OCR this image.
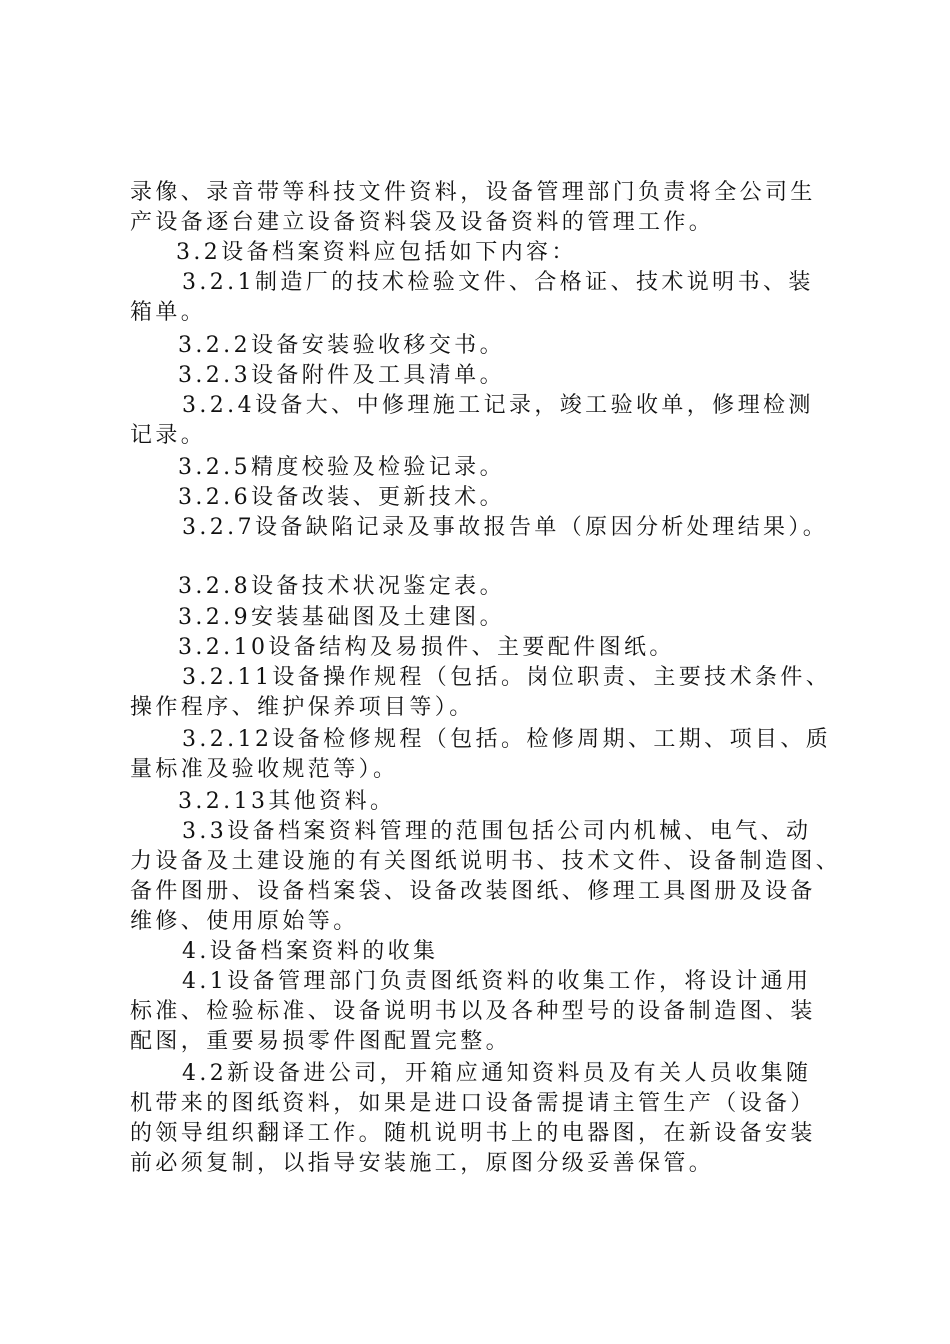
录像、录音带等科技文件资料，设备管理部门负责将全公司生

产设备逐台建立设备资料袋及设备资料的管理工作。

3.2设备档案资料应包括如下内容：

3.2.1制造厂的技术检验文件、合格证、技术说明书、装

箱单。

3.2.2设备安装验收移交书。

3.2.3设备附件及工具清单。

3.2.4设备大、中修理施工记录，竣工验收单，修理检测

记录。

3.2.5精度校验及检验记录。

3.2.6设备改装、更新技术。

3.2.7设备缺陷记录及事故报告单（原因分析处理结果）。

3.2.8设备技术状况鉴定表。

3.2.9安装基础图及土建图。

3.2.10设备结构及易损件、主要配件图纸。

3.2.11设备操作规程（包括。岗位职责、主要技术条件、

操作程序、维护保养项目等）。

3.2.12设备检修规程（包括。检修周期、工期、项目、质

量标准及验收规范等）。

3.2.13其他资料。

3.3设备档案资料管理的范围包括公司内机械、电气、动

力设备及土建设施的有关图纸说明书、技术文件、设备制造图、

备件图册、设备档案袋、设备改装图纸、修理工具图册及设备

维修、使用原始等。

4.设备档案资料的收集

4.1设备管理部门负责图纸资料的收集工作，将设计通用

标准、检验标准、设备说明书以及各种型号的设备制造图、装

配图，重要易损零件图配置完整。

4.2新设备进公司，开箱应通知资料员及有关人员收集随

机带来的图纸资料，如果是进口设备需提请主管生产（设备）

的领导组织翻译工作。随机说明书上的电器图，在新设备安装

前必须复制，以指导安装施工，原图分级妥善保管。
